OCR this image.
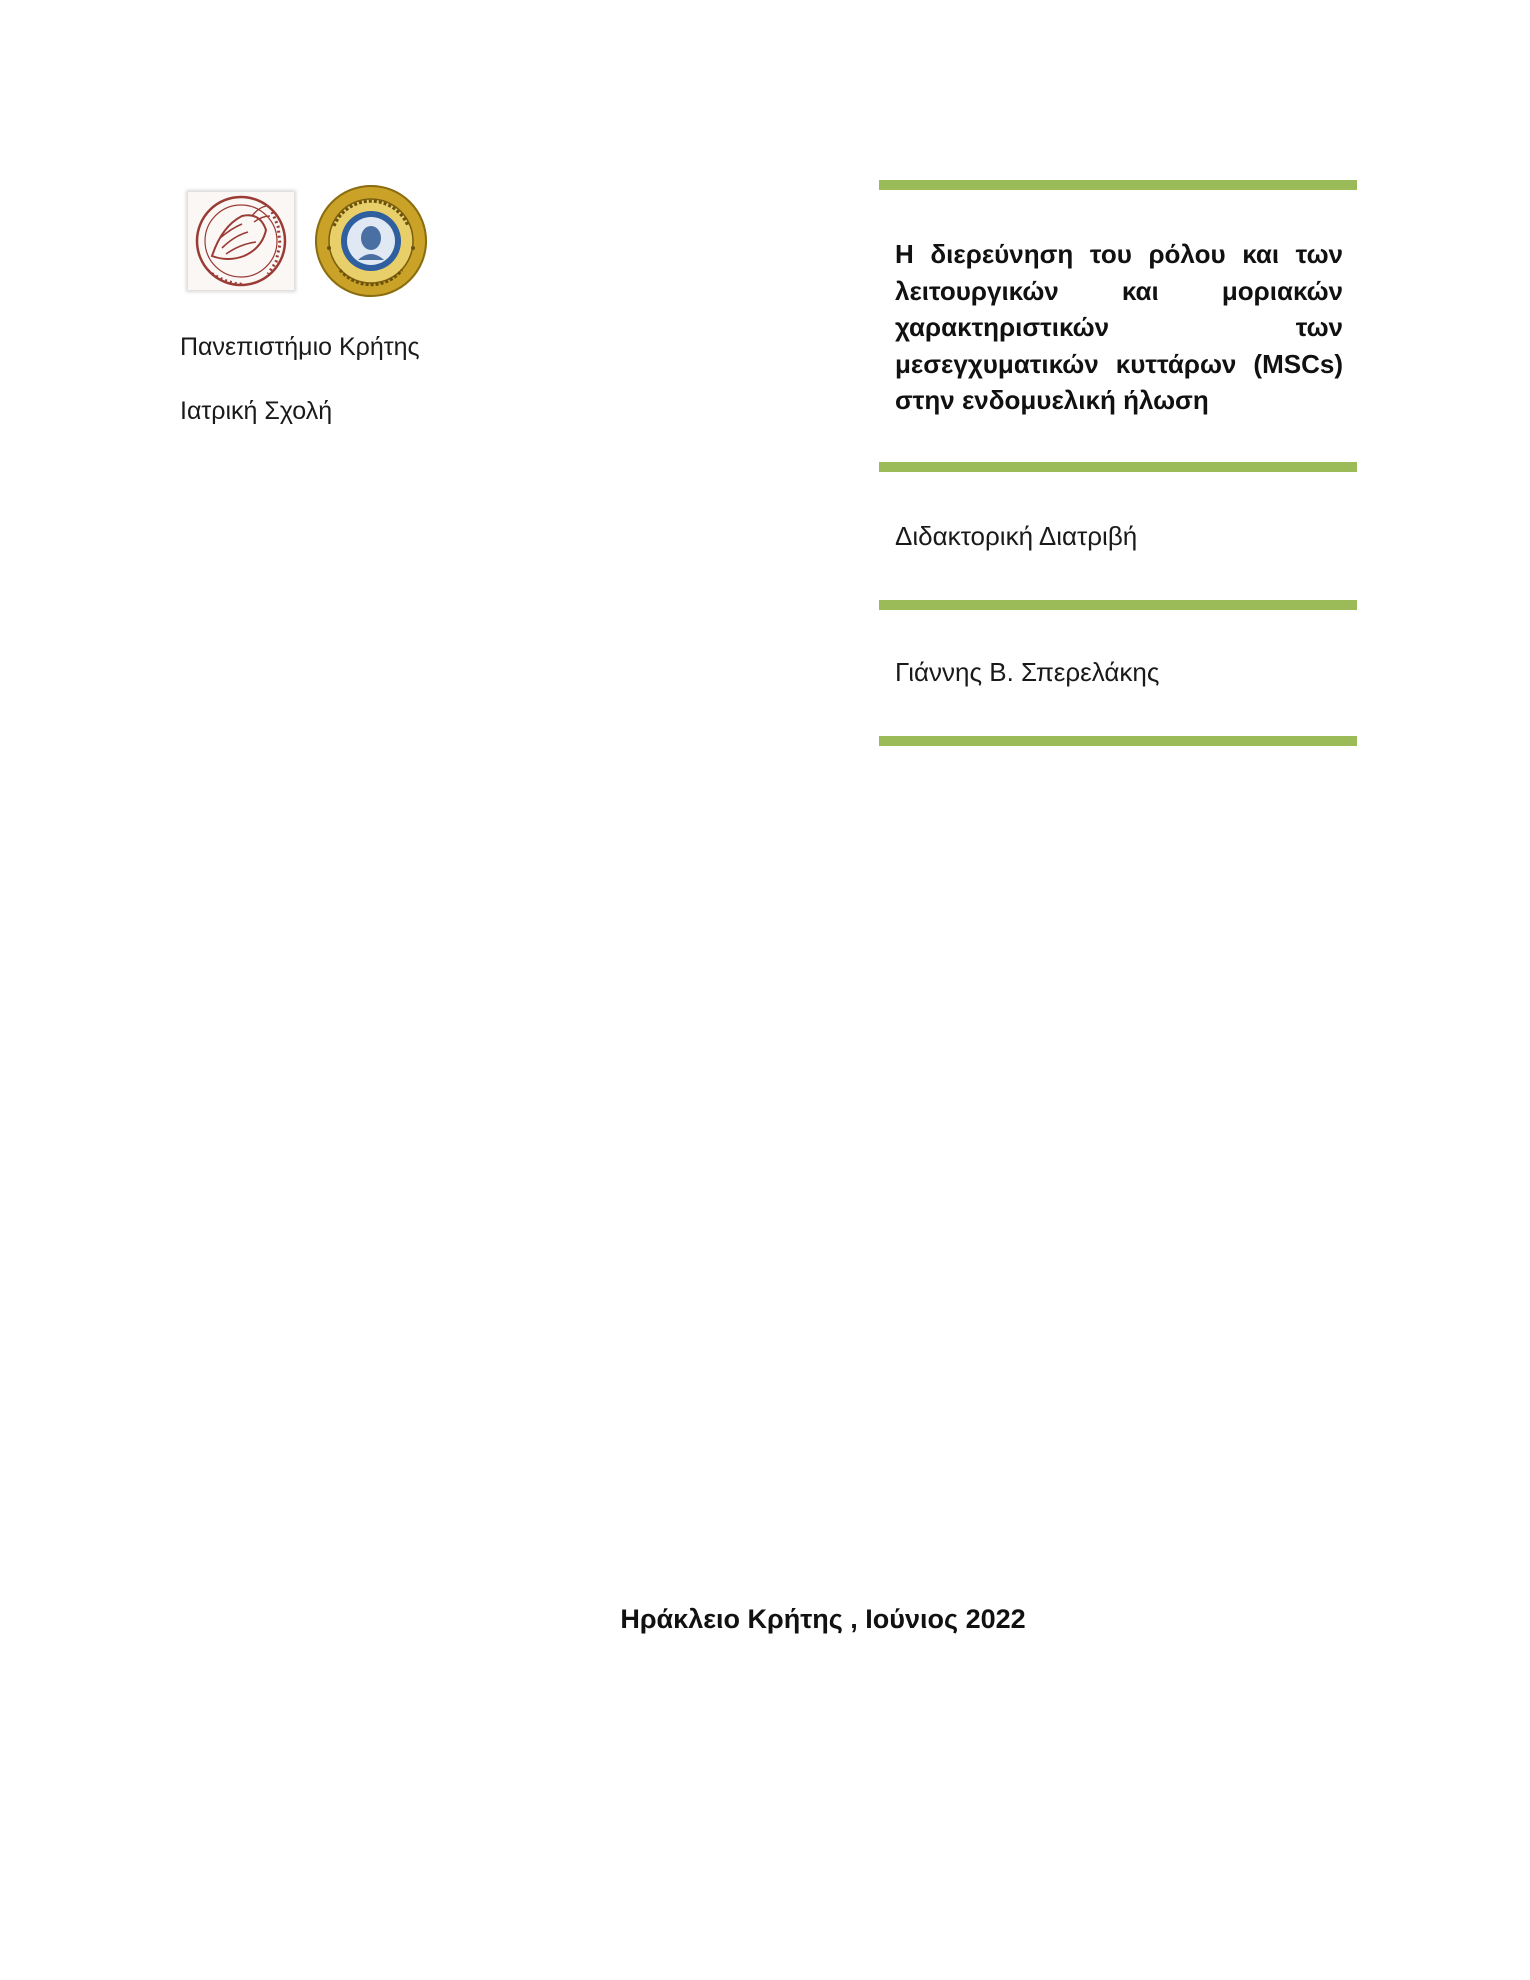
Πανεπιστήμιο Κρήτης
Ιατρική Σχολή
Η διερεύνηση του ρόλου και των
λειτουργικών και μοριακών
χαρακτηριστικών των
μεσεγχυματικών κυττάρων (MSCs)
στην ενδομυελική ήλωση
Διδακτορική Διατριβή
Γιάννης Β. Σπερελάκης
Ηράκλειο Κρήτης , Ιούνιος 2022
